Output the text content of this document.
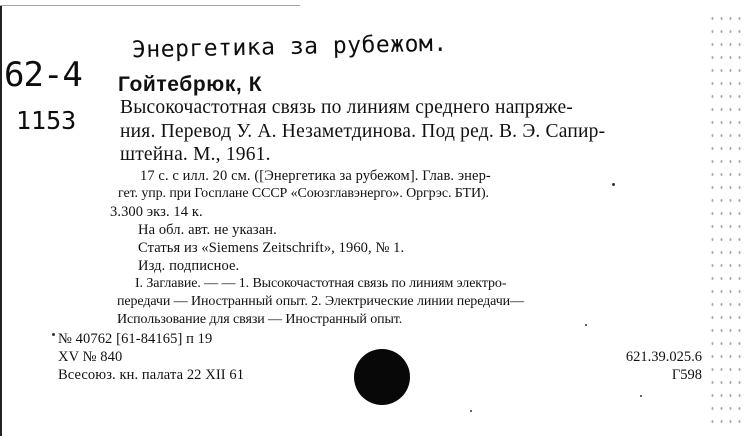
Энергетика за рубежом.
62-4
1153
Гойтебрюк, К
Высокочастотная связь по линиям среднего напряже-
ния. Перевод У. А. Незаметдинова. Под ред. В. Э. Сапир-
штейна. М., 1961.
17 с. с илл. 20 см. ([Энергетика за рубежом]. Глав. энер-
гет. упр. при Госплане СССР «Союзглавэнерго». Оргрэс. БТИ).
3.300 экз. 14 к.
На обл. авт. не указан.
Статья из «Siemens Zeitschrift», 1960, № 1.
Изд. подписное.
I. Заглавие. — — 1. Высокочастотная связь по линиям электро-
передачи — Иностранный опыт. 2. Электрические линии передачи—
Использование для связи — Иностранный опыт.
№ 40762 [61-84165] п 19
XV № 840
Всесоюз. кн. палата 22 XII 61
621.39.025.6
Г598
